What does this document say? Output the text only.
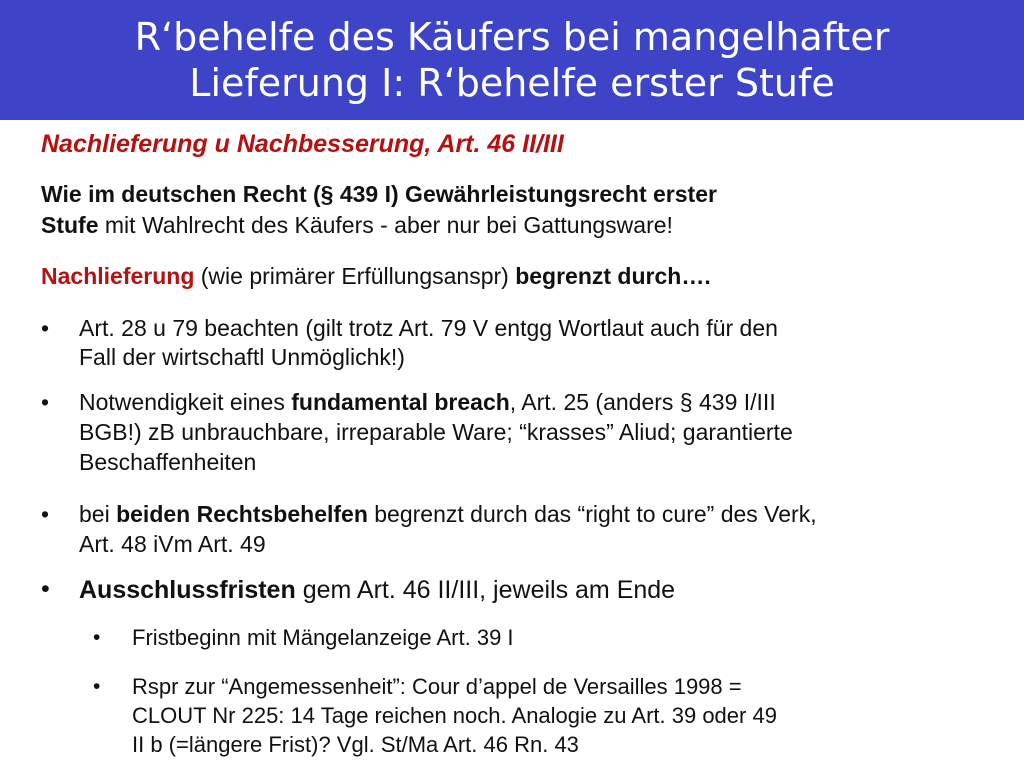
R‘behelfe des Käufers bei mangelhafter
Lieferung I: R‘behelfe erster Stufe
Nachlieferung u Nachbesserung, Art. 46 II/III
Wie im deutschen Recht (§ 439 I) Gewährleistungsrecht erster
Stufe mit Wahlrecht des Käufers - aber nur bei Gattungsware!
Nachlieferung (wie primärer Erfüllungsanspr) begrenzt durch….
• Art. 28 u 79 beachten (gilt trotz Art. 79 V entgg Wortlaut auch für den
Fall der wirtschaftl Unmöglichk!)
• Notwendigkeit eines fundamental breach, Art. 25 (anders § 439 I/III
BGB!) zB unbrauchbare, irreparable Ware; “krasses” Aliud; garantierte
Beschaffenheiten
• bei beiden Rechtsbehelfen begrenzt durch das “right to cure” des Verk,
Art. 48 iVm Art. 49
• Ausschlussfristen gem Art. 46 II/III, jeweils am Ende
• Fristbeginn mit Mängelanzeige Art. 39 I
• Rspr zur “Angemessenheit”: Cour d’appel de Versailles 1998 =
CLOUT Nr 225: 14 Tage reichen noch. Analogie zu Art. 39 oder 49
II b (=längere Frist)? Vgl. St/Ma Art. 46 Rn. 43
